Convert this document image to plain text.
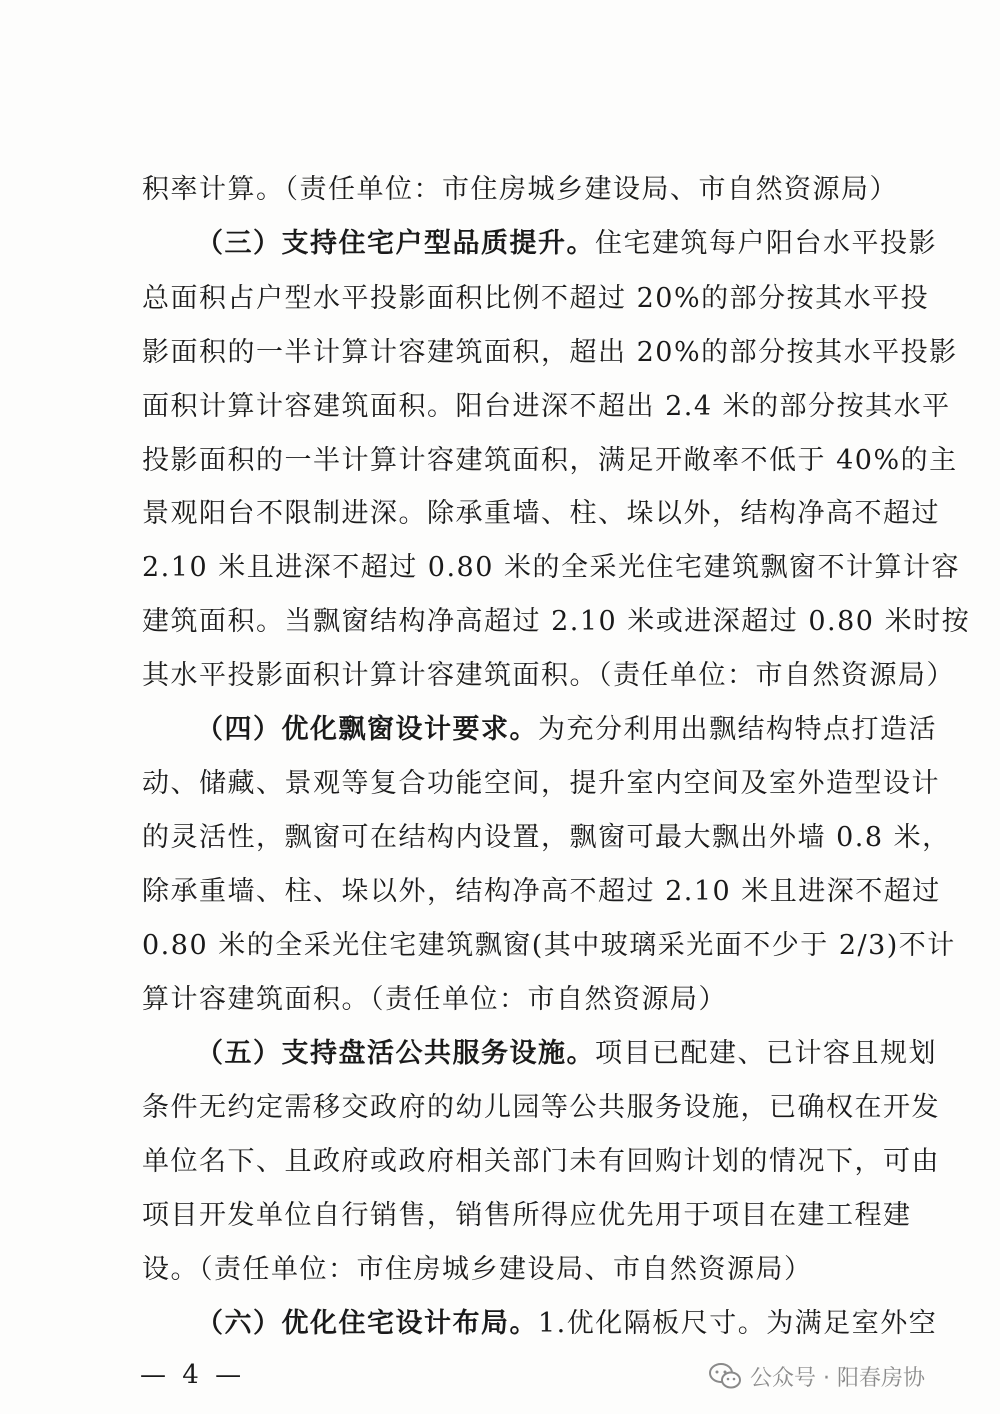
积率计算。（责任单位：市住房城乡建设局、市自然资源局）
（三）支持住宅户型品质提升。住宅建筑每户阳台水平投影
总面积占户型水平投影面积比例不超过 20%的部分按其水平投
影面积的一半计算计容建筑面积，超出 20%的部分按其水平投影
面积计算计容建筑面积。阳台进深不超出 2.4 米的部分按其水平
投影面积的一半计算计容建筑面积，满足开敞率不低于 40%的主
景观阳台不限制进深。除承重墙、柱、垛以外，结构净高不超过
2.10 米且进深不超过 0.80 米的全采光住宅建筑飘窗不计算计容
建筑面积。当飘窗结构净高超过 2.10 米或进深超过 0.80 米时按
其水平投影面积计算计容建筑面积。（责任单位：市自然资源局）
（四）优化飘窗设计要求。为充分利用出飘结构特点打造活
动、储藏、景观等复合功能空间，提升室内空间及室外造型设计
的灵活性，飘窗可在结构内设置，飘窗可最大飘出外墙 0.8 米，
除承重墙、柱、垛以外，结构净高不超过 2.10 米且进深不超过
0.80 米的全采光住宅建筑飘窗(其中玻璃采光面不少于 2/3)不计
算计容建筑面积。（责任单位：市自然资源局）
（五）支持盘活公共服务设施。项目已配建、已计容且规划
条件无约定需移交政府的幼儿园等公共服务设施，已确权在开发
单位名下、且政府或政府相关部门未有回购计划的情况下，可由
项目开发单位自行销售，销售所得应优先用于项目在建工程建
设。（责任单位：市住房城乡建设局、市自然资源局）
（六）优化住宅设计布局。1.优化隔板尺寸。为满足室外空
— 4 —	公众号 · 阳春房协
